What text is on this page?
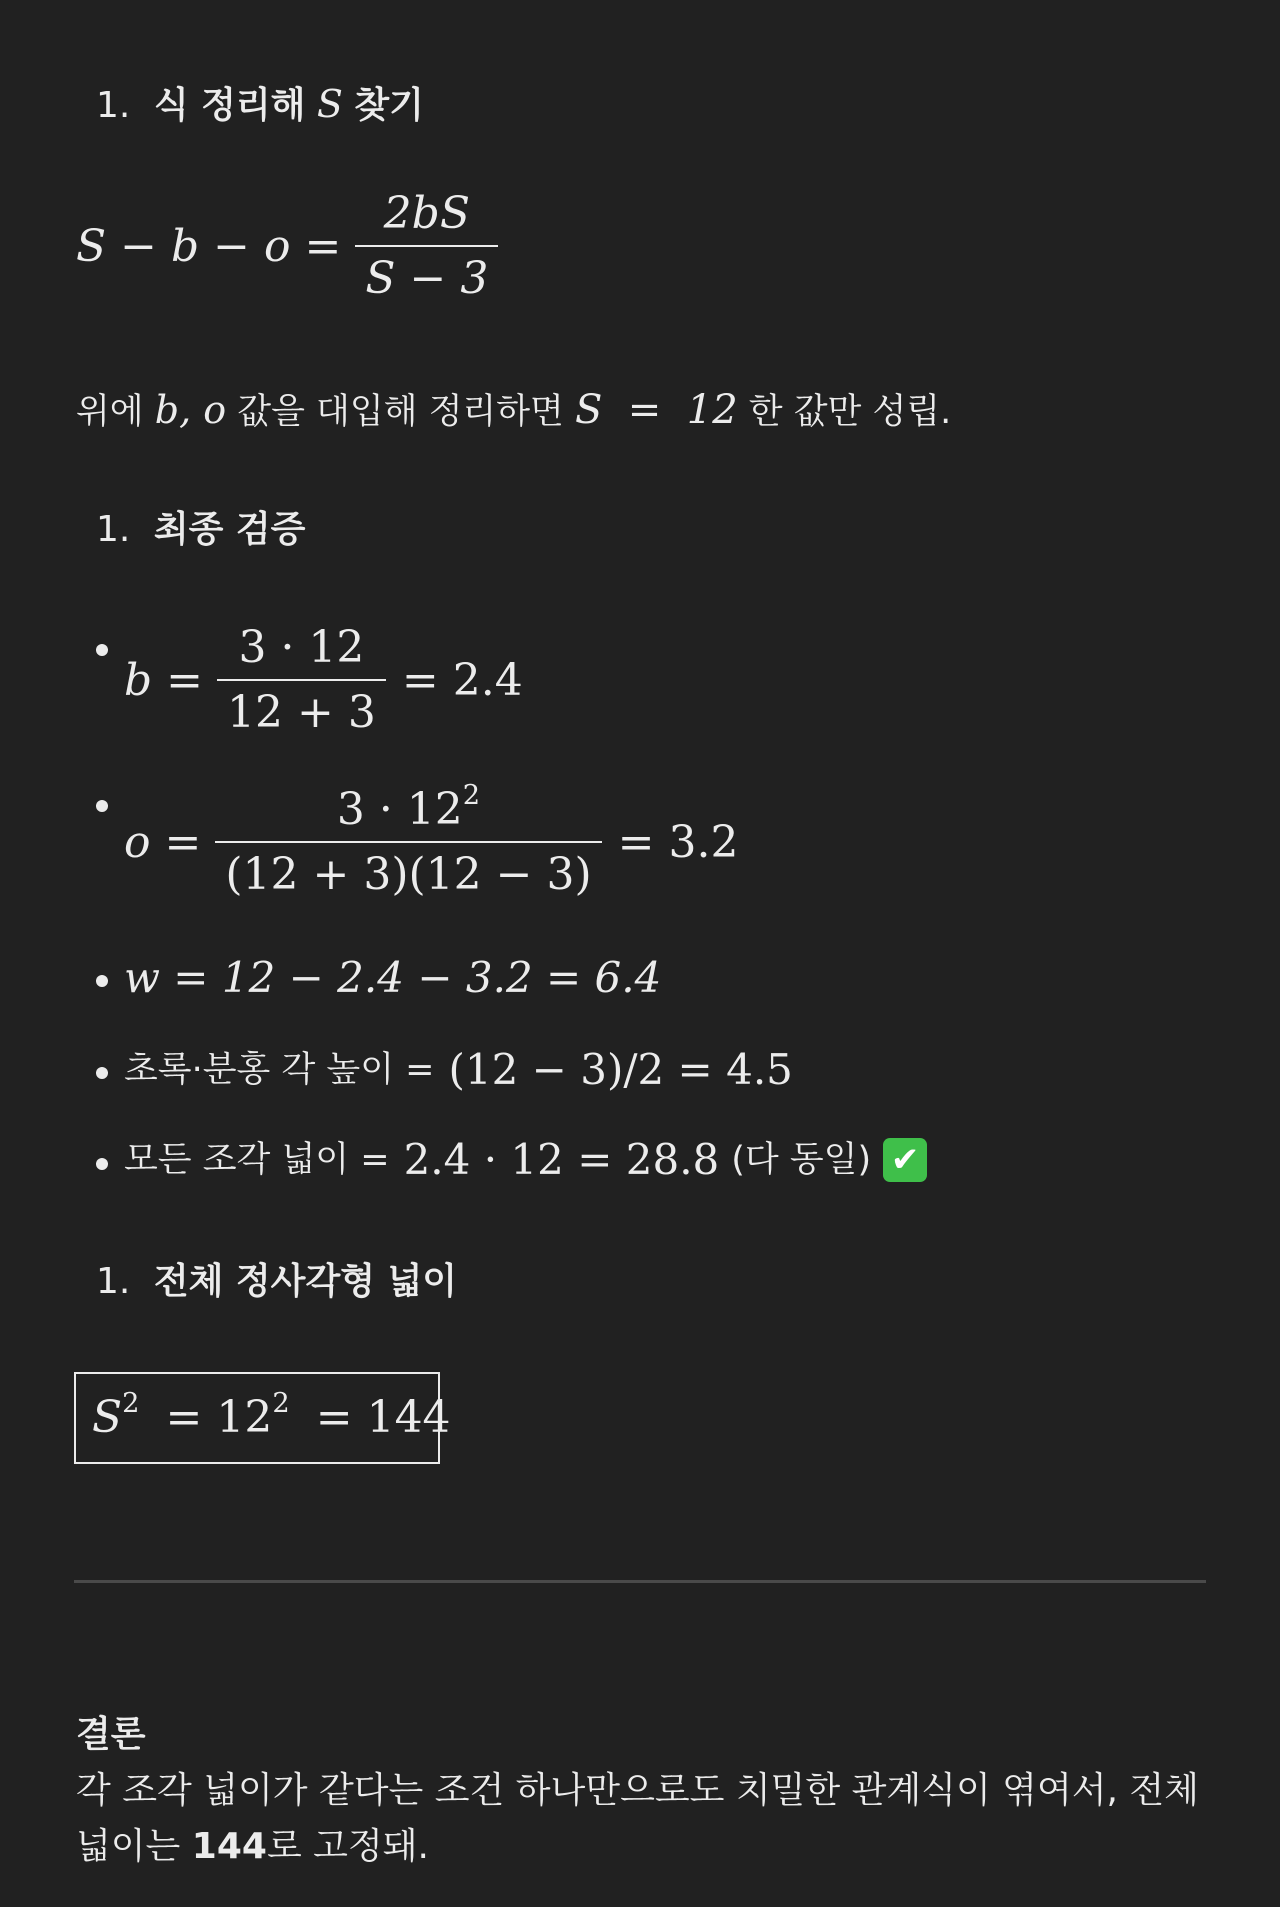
1. 식 정리해 S 찾기
$S - b - o = \frac{2bS}{S - 3}$
위에 b, o 값을 대입해 정리하면 S  =  12 한 값만 성립.
1. 최종 검증
$b = \frac{3 \cdot 12}{12 + 3} = 2.4$
$o = \frac{3 \cdot 12^2}{(12 + 3)(12 - 3)} = 3.2$
w = 12 − 2.4 − 3.2 = 6.4
초록·분홍 각 높이 = (12 − 3)/2 = 4.5
모든 조각 넓이 = 2.4 · 12 = 28.8 (다 동일) ✔
1. 전체 정사각형 넓이
$S^2 = 12^2 = 144$
결론
각 조각 넓이가 같다는 조건 하나만으로도 치밀한 관계식이 엮여서, 전체
넓이는 144로 고정돼.
